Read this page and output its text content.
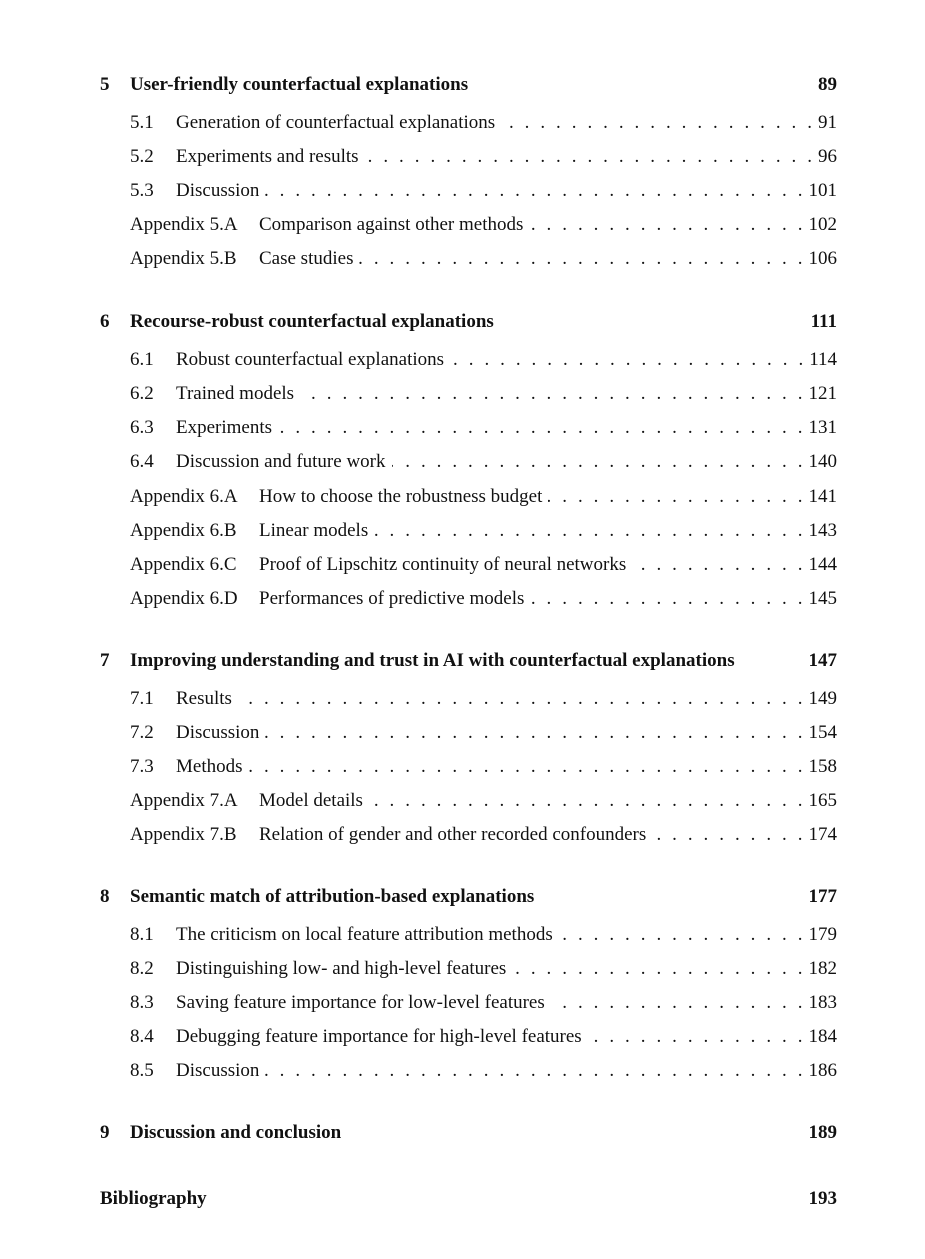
5 User-friendly counterfactual explanations	89
5.1 Generation of counterfactual explanations . . .	91
5.2 Experiments and results . . .	96
5.3 Discussion . . .	101
Appendix 5.A Comparison against other methods . . .	102
Appendix 5.B Case studies . . .	106
6 Recourse-robust counterfactual explanations	111
6.1 Robust counterfactual explanations . . .	114
6.2 Trained models . . .	121
6.3 Experiments . . .	131
6.4 Discussion and future work . . .	140
Appendix 6.A How to choose the robustness budget . . .	141
Appendix 6.B Linear models . . .	143
Appendix 6.C Proof of Lipschitz continuity of neural networks . . .	144
Appendix 6.D Performances of predictive models . . .	145
7 Improving understanding and trust in AI with counterfactual explanations	147
7.1 Results . . .	149
7.2 Discussion . . .	154
7.3 Methods . . .	158
Appendix 7.A Model details . . .	165
Appendix 7.B Relation of gender and other recorded confounders . . .	174
8 Semantic match of attribution-based explanations	177
8.1 The criticism on local feature attribution methods . . .	179
8.2 Distinguishing low- and high-level features . . .	182
8.3 Saving feature importance for low-level features . . .	183
8.4 Debugging feature importance for high-level features . . .	184
8.5 Discussion . . .	186
9 Discussion and conclusion	189
Bibliography	193
